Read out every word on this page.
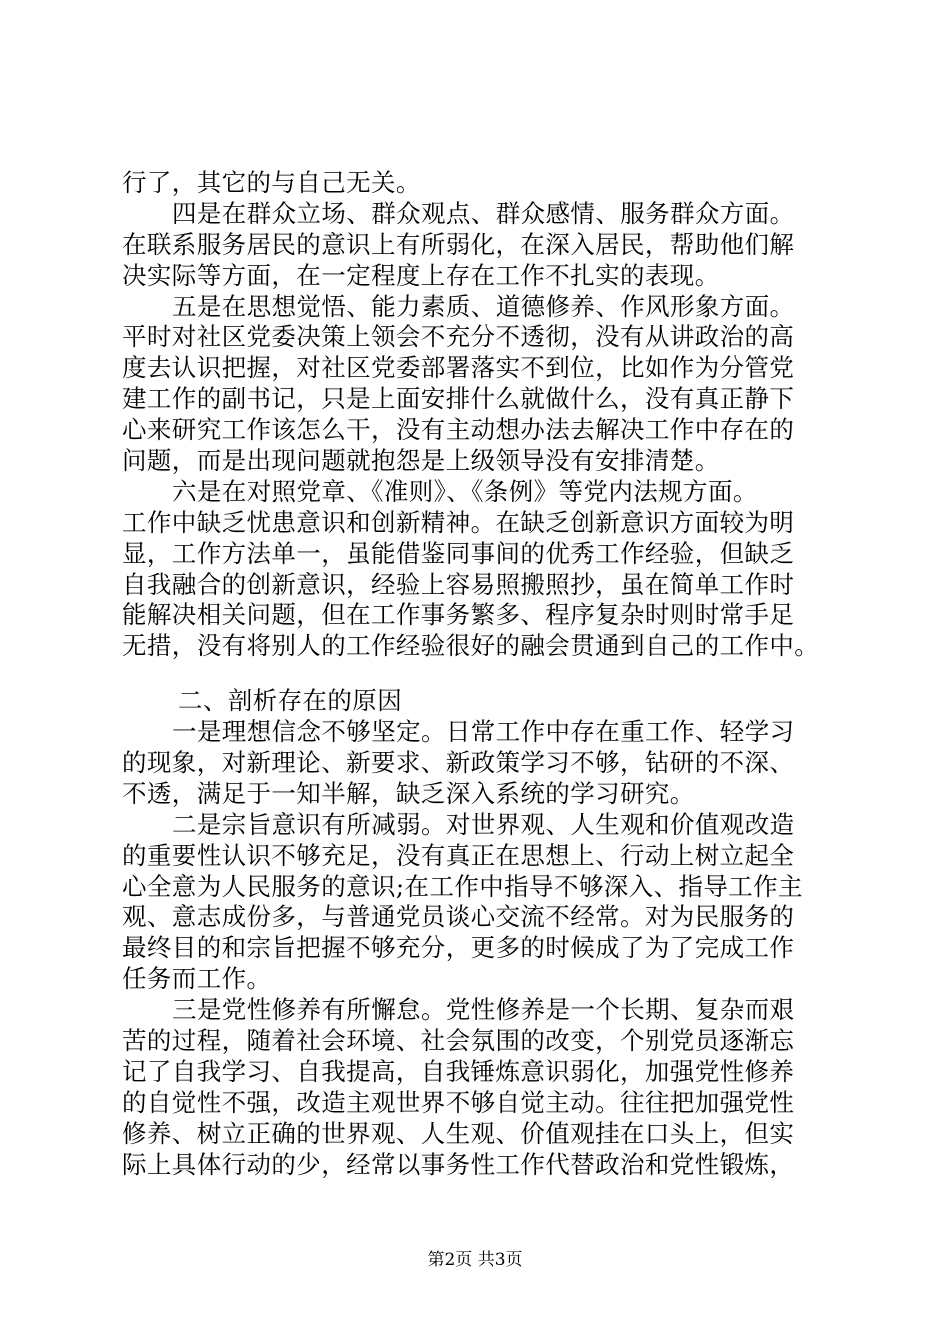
行了，其它的与自己无关。
四是在群众立场、群众观点、群众感情、服务群众方面。
在联系服务居民的意识上有所弱化，在深入居民，帮助他们解
决实际等方面，在一定程度上存在工作不扎实的表现。
五是在思想觉悟、能力素质、道德修养、作风形象方面。
平时对社区党委决策上领会不充分不透彻，没有从讲政治的高
度去认识把握，对社区党委部署落实不到位，比如作为分管党
建工作的副书记，只是上面安排什么就做什么，没有真正静下
心来研究工作该怎么干，没有主动想办法去解决工作中存在的
问题，而是出现问题就抱怨是上级领导没有安排清楚。
六是在对照党章、《准则》、《条例》等党内法规方面。
工作中缺乏忧患意识和创新精神。在缺乏创新意识方面较为明
显，工作方法单一，虽能借鉴同事间的优秀工作经验，但缺乏
自我融合的创新意识，经验上容易照搬照抄，虽在简单工作时
能解决相关问题，但在工作事务繁多、程序复杂时则时常手足
无措，没有将别人的工作经验很好的融会贯通到自己的工作中。
二、剖析存在的原因
一是理想信念不够坚定。日常工作中存在重工作、轻学习
的现象，对新理论、新要求、新政策学习不够，钻研的不深、
不透，满足于一知半解，缺乏深入系统的学习研究。
二是宗旨意识有所减弱。对世界观、人生观和价值观改造
的重要性认识不够充足，没有真正在思想上、行动上树立起全
心全意为人民服务的意识;在工作中指导不够深入、指导工作主
观、意志成份多，与普通党员谈心交流不经常。对为民服务的
最终目的和宗旨把握不够充分，更多的时候成了为了完成工作
任务而工作。
三是党性修养有所懈怠。党性修养是一个长期、复杂而艰
苦的过程，随着社会环境、社会氛围的改变，个别党员逐渐忘
记了自我学习、自我提高，自我锤炼意识弱化，加强党性修养
的自觉性不强，改造主观世界不够自觉主动。往往把加强党性
修养、树立正确的世界观、人生观、价值观挂在口头上，但实
际上具体行动的少，经常以事务性工作代替政治和党性锻炼，
第2页 共3页
